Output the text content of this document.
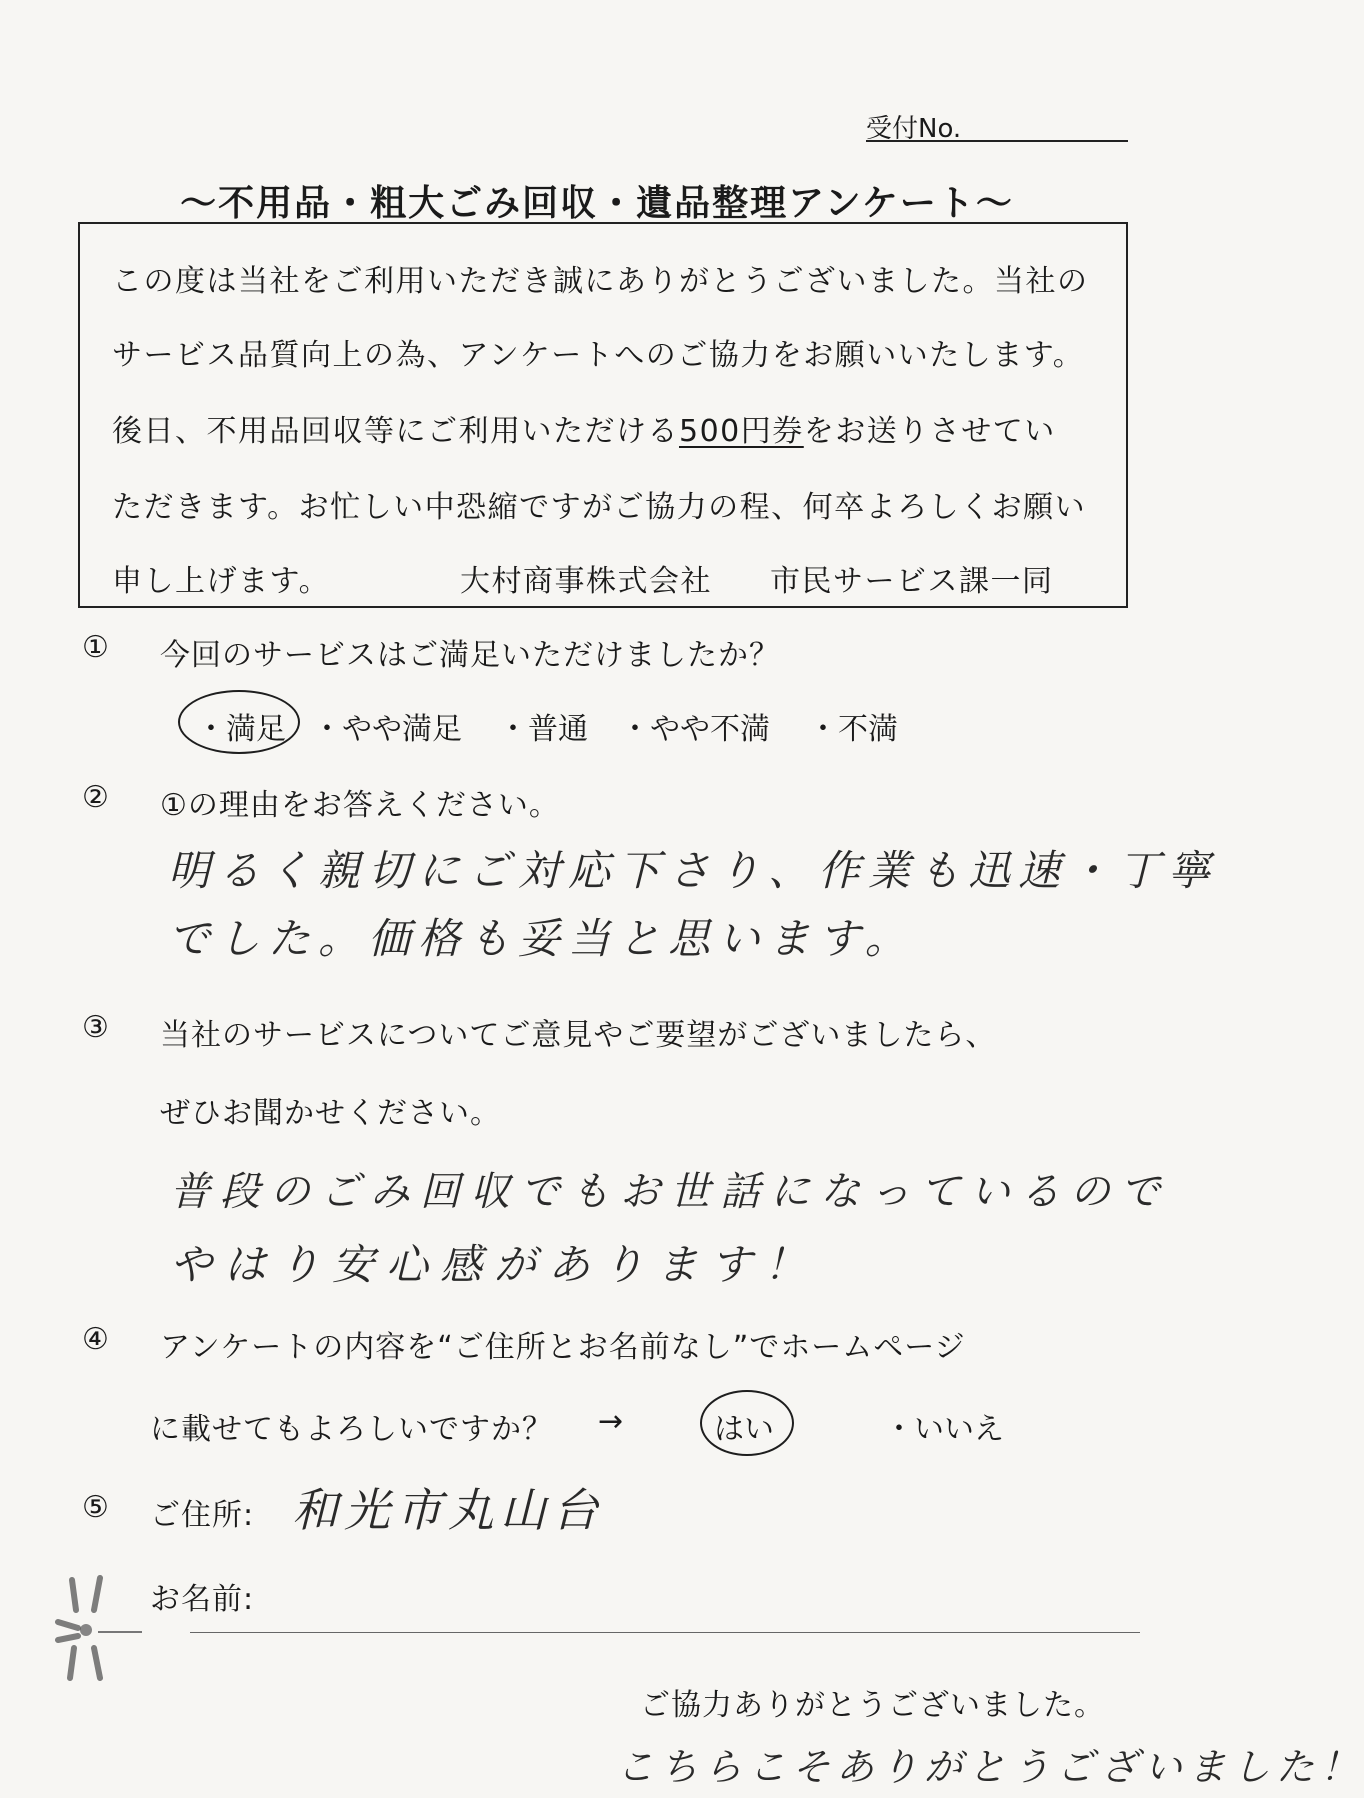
受付No.
～不用品・粗大ごみ回収・遺品整理アンケート～
この度は当社をご利用いただき誠にありがとうございました。当社の
サービス品質向上の為、アンケートへのご協力をお願いいたします。
後日、不用品回収等にご利用いただける500円券をお送りさせてい
ただきます。お忙しい中恐縮ですがご協力の程、何卒よろしくお願い
申し上げます。	大村商事株式会社 市民サービス課一同
① 今回のサービスはご満足いただけましたか？
・満足 ・やや満足 ・普通 ・やや不満 ・不満
② ①の理由をお答えください。
明るく親切にご対応下さり、作業も迅速・丁寧
でした。価格も妥当と思います。
③ 当社のサービスについてご意見やご要望がございましたら、
ぜひお聞かせください。
普段のごみ回収でもお世話になっているので
やはり安心感があります！
④ アンケートの内容を“ご住所とお名前なし”でホームページ
に載せてもよろしいですか？ →	はい	・いいえ
⑤ ご住所: 和光市丸山台
お名前:
ご協力ありがとうございました。
こちらこそありがとうございました！
